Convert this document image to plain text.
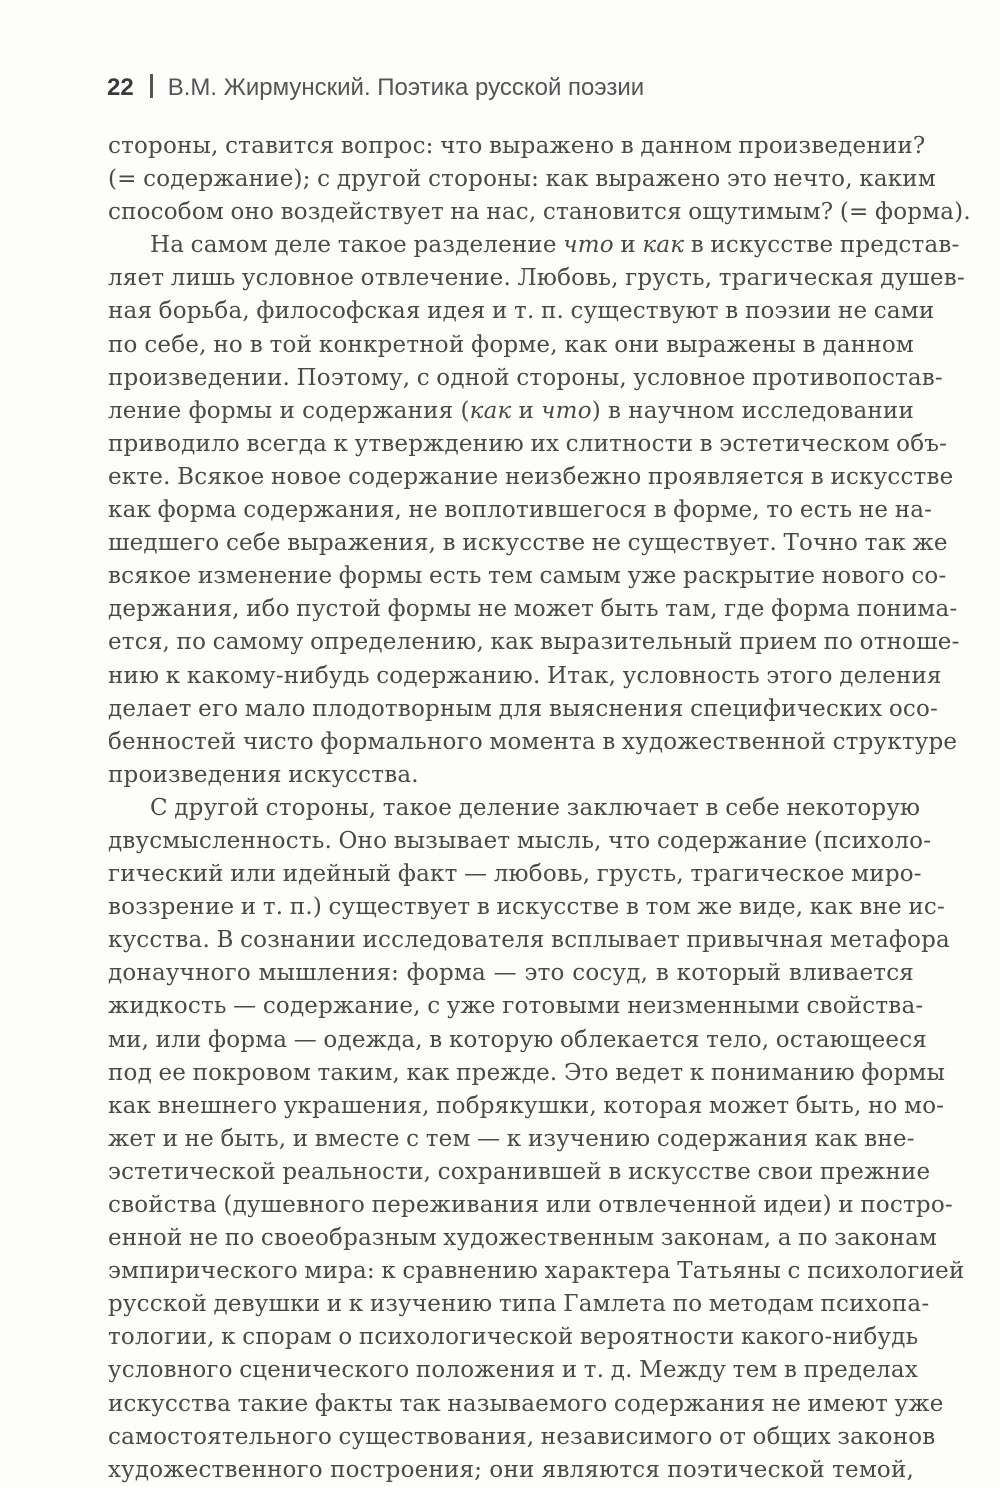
22 В.М. Жирмунский. Поэтика русской поэзии
стороны, ставится вопрос: что выражено в данном произведении?
(= содержание); с другой стороны: как выражено это нечто, каким
способом оно воздействует на нас, становится ощутимым? (= форма).
На самом деле такое разделение что и как в искусстве представ-
ляет лишь условное отвлечение. Любовь, грусть, трагическая душев-
ная борьба, философская идея и т. п. существуют в поэзии не сами
по себе, но в той конкретной форме, как они выражены в данном
произведении. Поэтому, с одной стороны, условное противопостав-
ление формы и содержания (как и что) в научном исследовании
приводило всегда к утверждению их слитности в эстетическом объ-
екте. Всякое новое содержание неизбежно проявляется в искусстве
как форма содержания, не воплотившегося в форме, то есть не на-
шедшего себе выражения, в искусстве не существует. Точно так же
всякое изменение формы есть тем самым уже раскрытие нового со-
держания, ибо пустой формы не может быть там, где форма понима-
ется, по самому определению, как выразительный прием по отноше-
нию к какому-нибудь содержанию. Итак, условность этого деления
делает его мало плодотворным для выяснения специфических осо-
бенностей чисто формального момента в художественной структуре
произведения искусства.
С другой стороны, такое деление заключает в себе некоторую
двусмысленность. Оно вызывает мысль, что содержание (психоло-
гический или идейный факт — любовь, грусть, трагическое миро-
воззрение и т. п.) существует в искусстве в том же виде, как вне ис-
кусства. В сознании исследователя всплывает привычная метафора
донаучного мышления: форма — это сосуд, в который вливается
жидкость — содержание, с уже готовыми неизменными свойства-
ми, или форма — одежда, в которую облекается тело, остающееся
под ее покровом таким, как прежде. Это ведет к пониманию формы
как внешнего украшения, побрякушки, которая может быть, но мо-
жет и не быть, и вместе с тем — к изучению содержания как вне-
эстетической реальности, сохранившей в искусстве свои прежние
свойства (душевного переживания или отвлеченной идеи) и постро-
енной не по своеобразным художественным законам, а по законам
эмпирического мира: к сравнению характера Татьяны с психологией
русской девушки и к изучению типа Гамлета по методам психопа-
тологии, к спорам о психологической вероятности какого-нибудь
условного сценического положения и т. д. Между тем в пределах
искусства такие факты так называемого содержания не имеют уже
самостоятельного существования, независимого от общих законов
художественного построения; они являются поэтической темой,
